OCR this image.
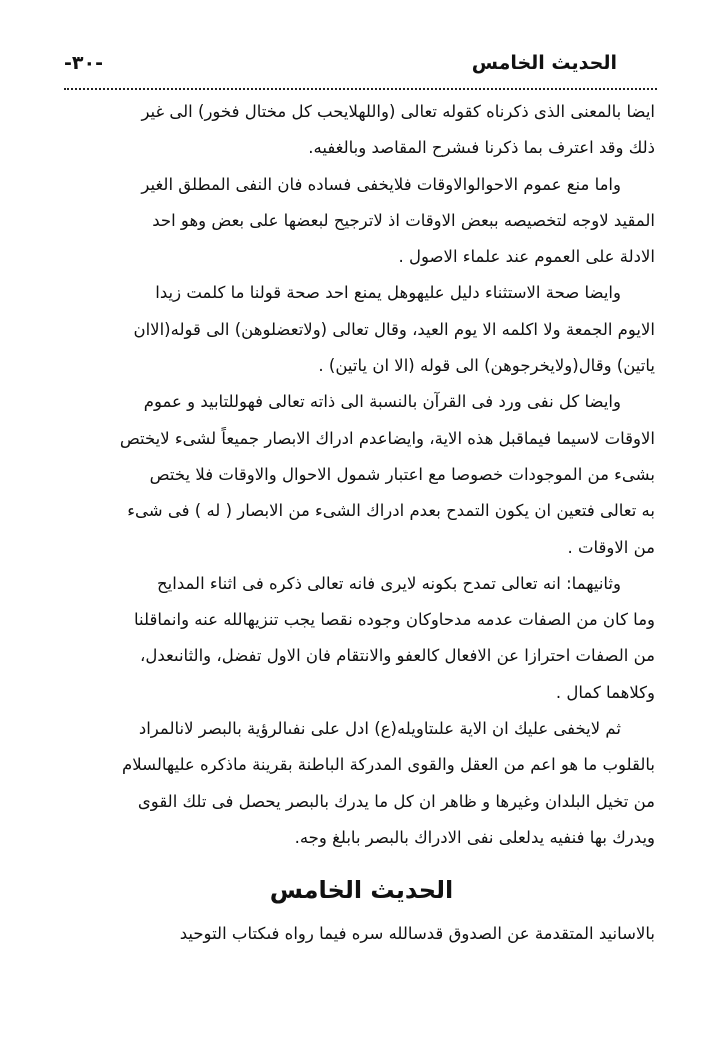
الحديث الخامس
-٣٠-
ايضا بالمعنى الذى ذكرناه كقوله تعالى (واللهلايحب كل مختال فخور) الى غير
ذلك وقد اعترف بما ذكرنا فىشرح المقاصد وبالغفيه.
واما منع عموم الاحوالوالاوقات فلايخفى فساده فان النفى المطلق الغير
المقيد لاوجه لتخصيصه ببعض الاوقات اذ لاترجيح لبعضها على بعض وهو احد
الادلة على العموم عند علماء الاصول .
وايضا صحة الاستثناء دليل عليهوهل يمنع احد صحة قولنا ما كلمت زيدا
الايوم الجمعة ولا اكلمه الا يوم العيد، وقال تعالى (ولاتعضلوهن) الى قوله(الاان
ياتين) وقال(ولايخرجوهن) الى قوله (الا ان ياتين) .
وايضا كل نفى ورد فى القرآن بالنسبة الى ذاته تعالى فهوللتابيد و عموم
الاوقات لاسيما فيماقبل هذه الاية، وايضاعدم ادراك الابصار جميعاً لشىء لايختص
بشىء من الموجودات خصوصا مع اعتبار شمول الاحوال والاوقات فلا يختص
به تعالى فتعين ان يكون التمدح بعدم ادراك الشىء من الابصار ( له ) فى شىء
من الاوقات .
وثانيهما: انه تعالى تمدح بكونه لايرى فانه تعالى ذكره فى اثناء المدايح
وما كان من الصفات عدمه مدحاوكان وجوده نقصا يجب تنزيهالله عنه وانماقلنا
من الصفات احترازا عن الافعال كالعفو والانتقام فان الاول تفضل، والثانىعدل،
وكلاهما كمال .
ثم لايخفى عليك ان الاية علىتاويله(ع) ادل على نفىالرؤية بالبصر لانالمراد
بالقلوب ما هو اعم من العقل والقوى المدركة الباطنة بقرينة ماذكره عليهالسلام
من تخيل البلدان وغيرها و ظاهر ان كل ما يدرك بالبصر يحصل فى تلك القوى
ويدرك بها فنفيه يدلعلى نفى الادراك بالبصر بابلغ وجه.
الحديث الخامس
بالاسانيد المتقدمة عن الصدوق قدسالله سره فيما رواه فىكتاب التوحيد
